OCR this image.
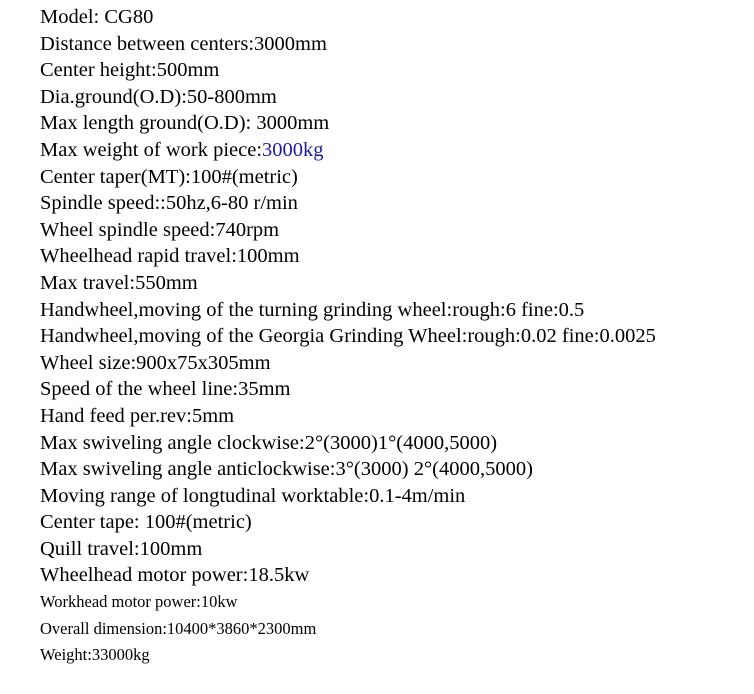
Model: CG80
Distance between centers:3000mm
Center height:500mm
Dia.ground(O.D):50-800mm
Max length ground(O.D): 3000mm
Max weight of work piece:3000kg
Center taper(MT):100#(metric)
Spindle speed::50hz,6-80 r/min
Wheel spindle speed:740rpm
Wheelhead rapid travel:100mm
Max travel:550mm
Handwheel,moving of the turning grinding wheel:rough:6 fine:0.5
Handwheel,moving of the Georgia Grinding Wheel:rough:0.02 fine:0.0025
Wheel size:900x75x305mm
Speed of the wheel line:35mm
Hand feed per.rev:5mm
Max swiveling angle clockwise:2°(3000)1°(4000,5000)
Max swiveling angle anticlockwise:3°(3000) 2°(4000,5000)
Moving range of longtudinal worktable:0.1-4m/min
Center tape: 100#(metric)
Quill travel:100mm
Wheelhead motor power:18.5kw
Workhead motor power:10kw
Overall dimension:10400*3860*2300mm
Weight:33000kg
